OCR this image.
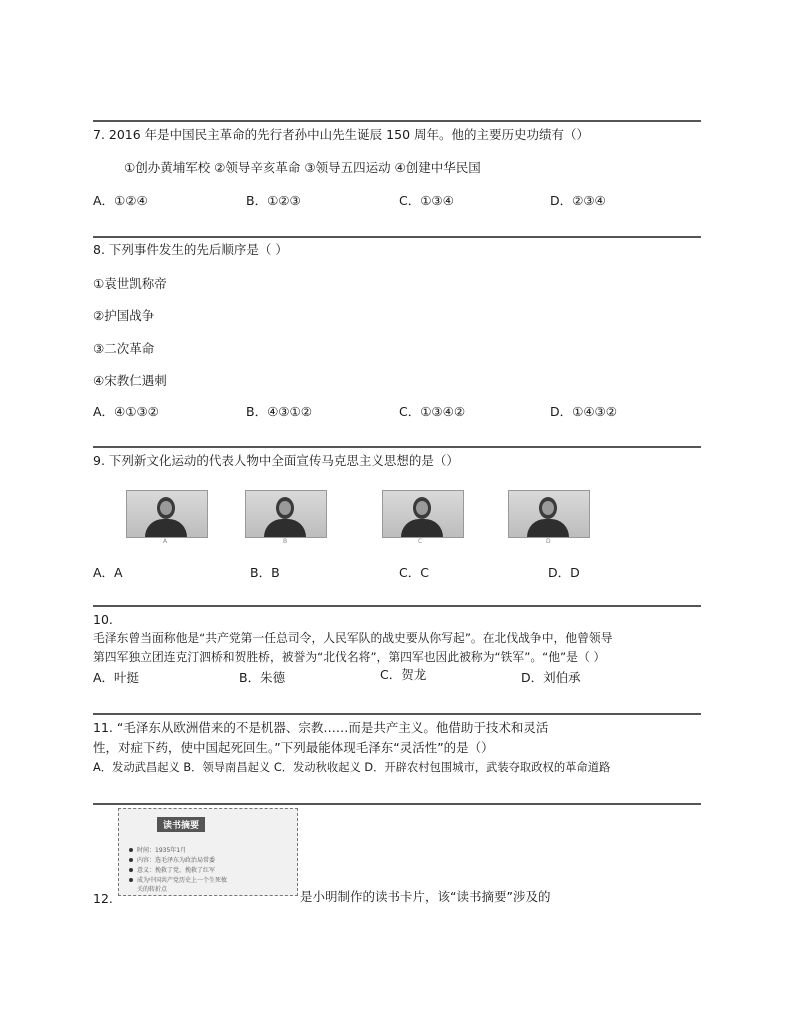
7. 2016 年是中国民主革命的先行者孙中山先生诞辰 150 周年。他的主要历史功绩有（）
①创办黄埔军校 ②领导辛亥革命 ③领导五四运动 ④创建中华民国
A．①②④	B．①②③	C．①③④	D．②③④
8. 下列事件发生的先后顺序是（ ）
①袁世凯称帝
②护国战争
③二次革命
④宋教仁遇刺
A．④①③②	B．④③①②	C．①③④②	D．①④③②
9. 下列新文化运动的代表人物中全面宣传马克思主义思想的是（）
A	B	C	D
A．A	B．B	C．C	D．D
10.
毛泽东曾当面称他是“共产党第一任总司令，人民军队的战史要从你写起”。在北伐战争中，他曾领导
第四军独立团连克汀泗桥和贺胜桥，被誉为“北伐名将”，第四军也因此被称为“铁军”。“他”是（ ）
A．叶挺	B．朱德	C．贺龙	D．刘伯承
11. “毛泽东从欧洲借来的不是机器、宗教……而是共产主义。他借助于技术和灵活
性，对症下药，使中国起死回生。”下列最能体现毛泽东“灵活性”的是（）
A．发动武昌起义 B．领导南昌起义 C．发动秋收起义 D．开辟农村包围城市，武装夺取政权的革命道路
读书摘要
时间：1935年1月
内容：选毛泽东为政治局常委
意义：挽救了党，挽救了红军
成为中国共产党历史上一个生死攸
关的转折点
12.	是小明制作的读书卡片，该“读书摘要”涉及的
